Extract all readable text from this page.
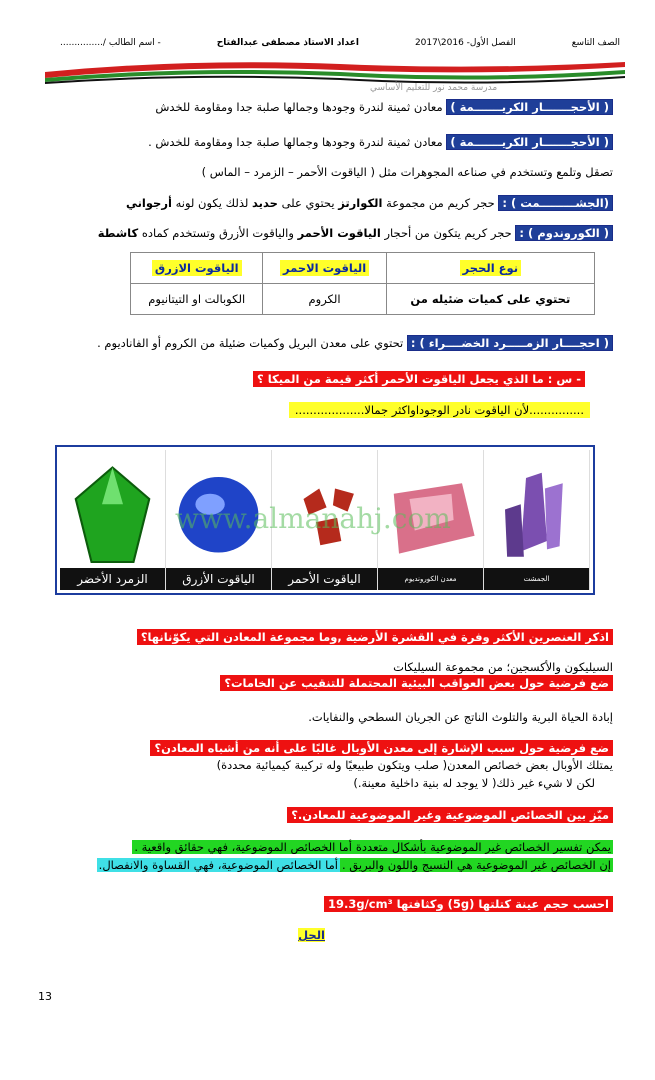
الصف التاسع
الفصل الأول- 2016\2017
اعداد الاستاذ مصطفى عبدالفتاح
- اسم الطالب /...............
مدرسة محمد نور للتعليم الأساسي
( الأحجـــــــار الكريـــــــمة ) معادن ثمينة لندرة وجودها وجمالها صلبة جدا ومقاومة للخدش
( الأحجـــــــار الكريـــــــمة ) معادن ثمينة لندرة وجودها وجمالها صلبة جدا ومقاومة للخدش .
تصقل وتلمع وتستخدم في صناعه المجوهرات مثل ( الياقوت الأحمر – الزمرد – الماس )
(الجشـــــــــمت ) : حجر كريم من مجموعة الكوارتز يحتوي على حديد لذلك يكون لونه أرجواني
( الكوروندوم ) : حجر كريم يتكون من أحجار الياقوت الأحمر والياقوت الأزرق وتستخدم كماده كاشطة
نوع الحجر	الياقوت الاحمر	الياقوت الازرق
تحتوي على كميات ضئيله من	الكروم	الكوبالت او التيتانيوم
( احجــــار الزمـــــرد الخضــــراء ) : تحتوي على معدن البريل وكميات ضئيلة من الكروم أو الفاناديوم .
- س : ما الذي يجعل الياقوت الأحمر أكثر قيمة من الميكا ؟
...............لأن الياقوت نادر الوجوداواكثر جمالا...................
الزمرد الأخضر	الياقوت الأزرق	الياقوت الأحمر	معدن الكورونديوم	الجمشت
www.almanahj.com
اذكر العنصرين الأكثر وفرة في القشرة الأرضية ,وما مجموعة المعادن التي يكوّنانها؟
السيليكون والأكسجين؛ من مجموعة السيليكات
ضع فرضية حول بعض العواقب البيئية المحتملة للتنقيب عن الخامات؟
إبادة الحياة البرية والتلوث الناتج عن الجريان السطحي والنفايات.
ضع فرضية حول سبب الإشارة إلى معدن الأوبال غالبًا على أنه من أشباه المعادن؟
يمتلك الأوبال بعض خصائص المعدن( صلب ويتكون طبيعيًا وله تركيبة كيميائية محددة)
لكن لا شيء غير ذلك( لا يوجد له بنية داخلية معينة.)
ميّز بين الخصائص الموضوعية وغير الموضوعية للمعادن.؟
يمكن تفسير الخصائص غير الموضوعية بأشكال متعددةأما الخصائص الموضوعية، فهي حقائق واقعية .
إن الخصائص غير الموضوعية هي النسيج واللون والبريق .أما الخصائص الموضوعية، فهي القساوة والانفصال.
احسب حجم عينة كتلتها (5g) وكثافتها 19.3g/cm³
الحل
13
